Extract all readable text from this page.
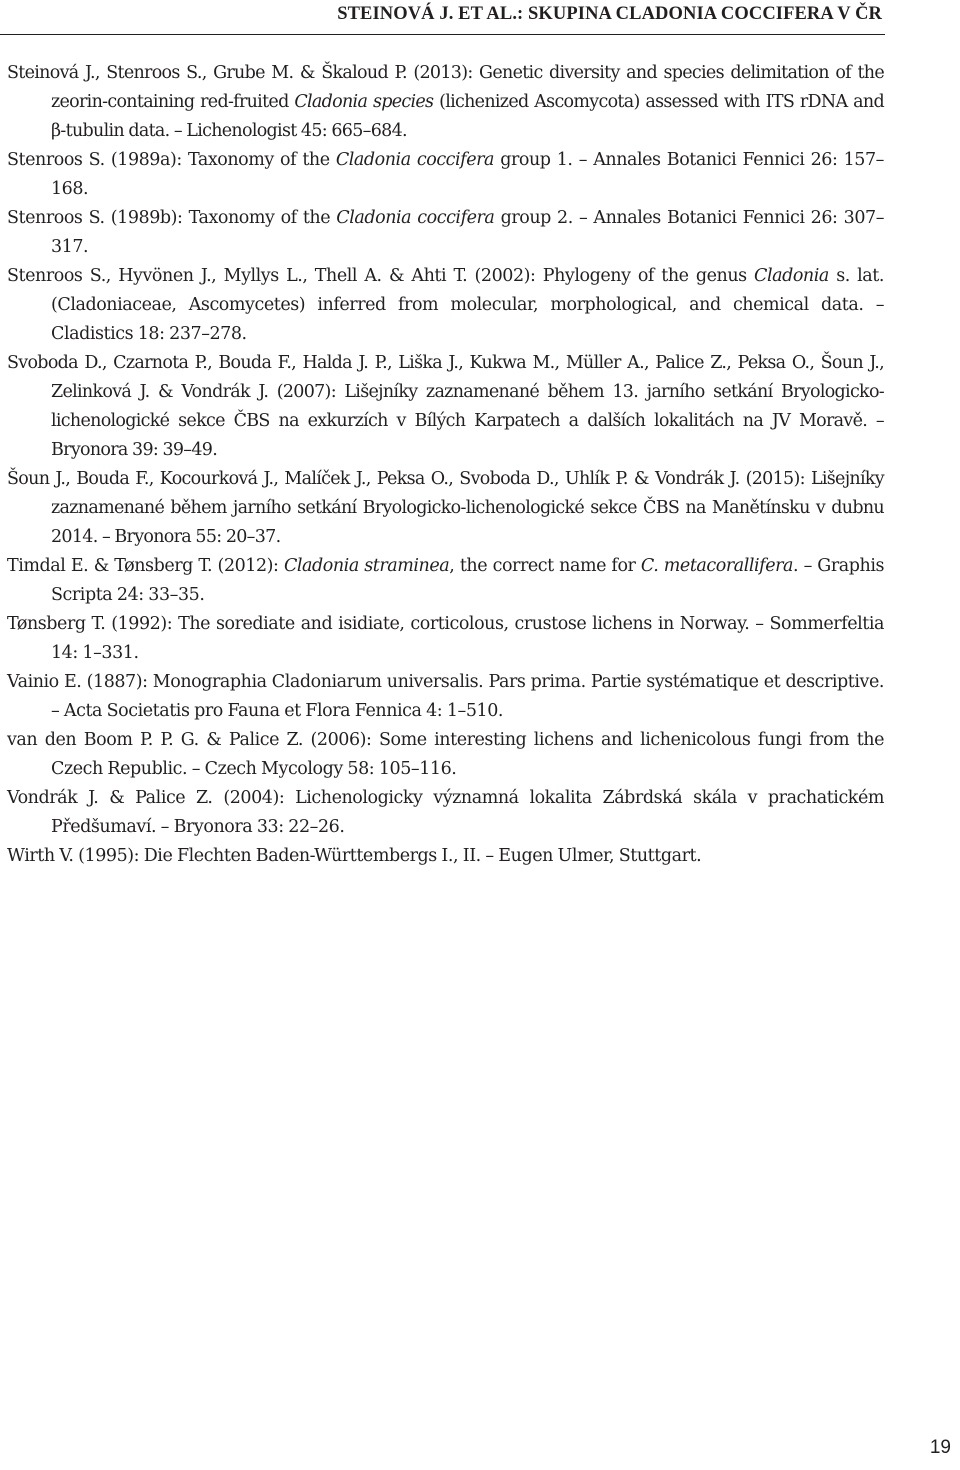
STEINOVÁ J. ET AL.: SKUPINA CLADONIA COCCIFERA V ČR

Steinová J., Stenroos S., Grube M. & Škaloud P. (2013): Genetic diversity and species delimitation of the zeorin-containing red-fruited Cladonia species (lichenized Ascomycota) assessed with ITS rDNA and β-tubulin data. – Lichenologist 45: 665–684.

Stenroos S. (1989a): Taxonomy of the Cladonia coccifera group 1. – Annales Botanici Fennici 26: 157–168.

Stenroos S. (1989b): Taxonomy of the Cladonia coccifera group 2. – Annales Botanici Fennici 26: 307–317.

Stenroos S., Hyvönen J., Myllys L., Thell A. & Ahti T. (2002): Phylogeny of the genus Cladonia s. lat. (Cladoniaceae, Ascomycetes) inferred from molecular, morphological, and chemical data. – Cladistics 18: 237–278.

Svoboda D., Czarnota P., Bouda F., Halda J. P., Liška J., Kukwa M., Müller A., Palice Z., Peksa O., Šoun J., Zelinková J. & Vondrák J. (2007): Lišejníky zaznamenané během 13. jarního setkání Bryologicko-lichenologické sekce ČBS na exkurzích v Bílých Karpatech a dalších lokalitách na JV Moravě. – Bryonora 39: 39–49.

Šoun J., Bouda F., Kocourková J., Malíček J., Peksa O., Svoboda D., Uhlík P. & Vondrák J. (2015): Lišejníky zaznamenané během jarního setkání Bryologicko-lichenologické sekce ČBS na Manětínsku v dubnu 2014. – Bryonora 55: 20–37.

Timdal E. & Tønsberg T. (2012): Cladonia straminea, the correct name for C. metacorallifera. – Graphis Scripta 24: 33–35.

Tønsberg T. (1992): The sorediate and isidiate, corticolous, crustose lichens in Norway. – Sommerfeltia 14: 1–331.

Vainio E. (1887): Monographia Cladoniarum universalis. Pars prima. Partie systématique et descriptive. – Acta Societatis pro Fauna et Flora Fennica 4: 1–510.

van den Boom P. P. G. & Palice Z. (2006): Some interesting lichens and lichenicolous fungi from the Czech Republic. – Czech Mycology 58: 105–116.

Vondrák J. & Palice Z. (2004): Lichenologicky významná lokalita Zábrdská skála v prachatickém Předšumaví. – Bryonora 33: 22–26.

Wirth V. (1995): Die Flechten Baden-Württembergs I., II. – Eugen Ulmer, Stuttgart.

19
